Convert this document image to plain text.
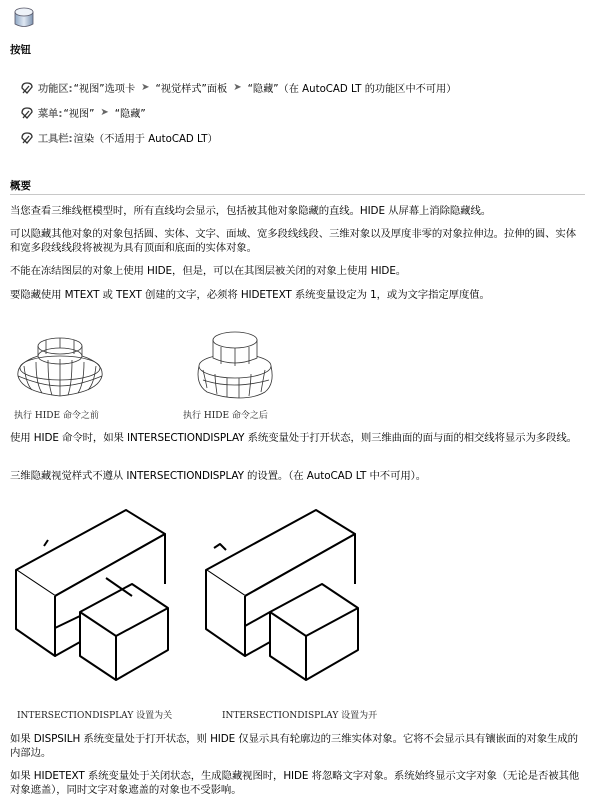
按钮
功能区: “视图”选项卡 ➤ “视觉样式”面板 ➤ “隐藏”（在 AutoCAD LT 的功能区中不可用）
菜单: “视图” ➤ “隐藏”
工具栏: 渲染（不适用于 AutoCAD LT）
概要
当您查看三维线框模型时，所有直线均会显示，包括被其他对象隐藏的直线。HIDE 从屏幕上消除隐藏线。
可以隐藏其他对象的对象包括圆、实体、文字、面域、宽多段线线段、三维对象以及厚度非零的对象拉伸边。拉伸的圆、实体和宽多段线线段将被视为具有顶面和底面的实体对象。
不能在冻结图层的对象上使用 HIDE，但是，可以在其图层被关闭的对象上使用 HIDE。
要隐藏使用 MTEXT 或 TEXT 创建的文字，必须将 HIDETEXT 系统变量设定为 1，或为文字指定厚度值。
执行 HIDE 命令之前	执行 HIDE 命令之后
使用 HIDE 命令时，如果 INTERSECTIONDISPLAY 系统变量处于打开状态，则三维曲面的面与面的相交线将显示为多段线。
三维隐藏视觉样式不遵从 INTERSECTIONDISPLAY 的设置。（在 AutoCAD LT 中不可用）。
INTERSECTIONDISPLAY 设置为关	INTERSECTIONDISPLAY 设置为开
如果 DISPSILH 系统变量处于打开状态，则 HIDE 仅显示具有轮廓边的三维实体对象。它将不会显示具有镶嵌面的对象生成的内部边。
如果 HIDETEXT 系统变量处于关闭状态，生成隐藏视图时，HIDE 将忽略文字对象。系统始终显示文字对象（无论是否被其他对象遮盖），同时文字对象遮盖的对象也不受影响。
